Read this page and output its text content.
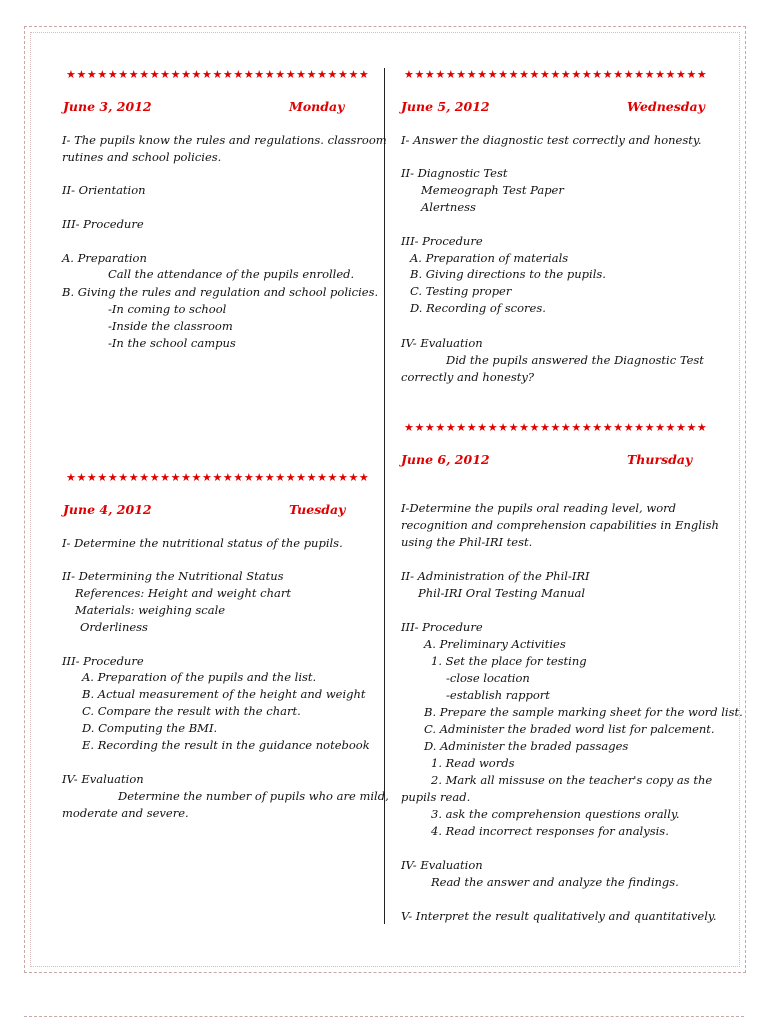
★★★★★★★★★★★★★★★★★★★★★★★★★★★★★
June 3, 2012	Monday
I- The pupils know the rules and regulations. classroom
rutines and school policies.
II- Orientation
III- Procedure
A. Preparation
Call the attendance of the pupils enrolled.
B. Giving the rules and regulation and school policies.
-In coming to school
-Inside the classroom
-In the school campus
★★★★★★★★★★★★★★★★★★★★★★★★★★★★★
June 4, 2012	Tuesday
I- Determine the nutritional status of the pupils.
II- Determining the Nutritional Status
References: Height and weight chart
Materials: weighing scale
Orderliness
III- Procedure
A. Preparation of the pupils and the list.
B. Actual measurement of the height and weight
C. Compare the result with the chart.
D. Computing the BMI.
E. Recording the result in the guidance notebook
IV- Evaluation
Determine the number of pupils who are mild,
moderate and severe.
★★★★★★★★★★★★★★★★★★★★★★★★★★★★★
June 5, 2012	Wednesday
I- Answer the diagnostic test correctly and honesty.
II- Diagnostic Test
Memeograph Test Paper
Alertness
III- Procedure
A. Preparation of materials
B. Giving directions to the pupils.
C. Testing proper
D. Recording of scores.
IV- Evaluation
Did the pupils answered the Diagnostic Test
correctly and honesty?
★★★★★★★★★★★★★★★★★★★★★★★★★★★★★
June 6, 2012	Thursday
I-Determine the pupils oral reading level, word
recognition and comprehension capabilities in English
using the Phil-IRI test.
II- Administration of the Phil-IRI
Phil-IRI Oral Testing Manual
III- Procedure
A. Preliminary Activities
1. Set the place for testing
-close location
-establish rapport
B. Prepare the sample marking sheet for the word list.
C. Administer the braded word list for palcement.
D. Administer the braded passages
1. Read words
2. Mark all missuse on the teacher's copy as the
pupils read.
3. ask the comprehension questions orally.
4. Read incorrect responses for analysis.
IV- Evaluation
Read the answer and analyze the findings.
V- Interpret the result qualitatively and quantitatively.
